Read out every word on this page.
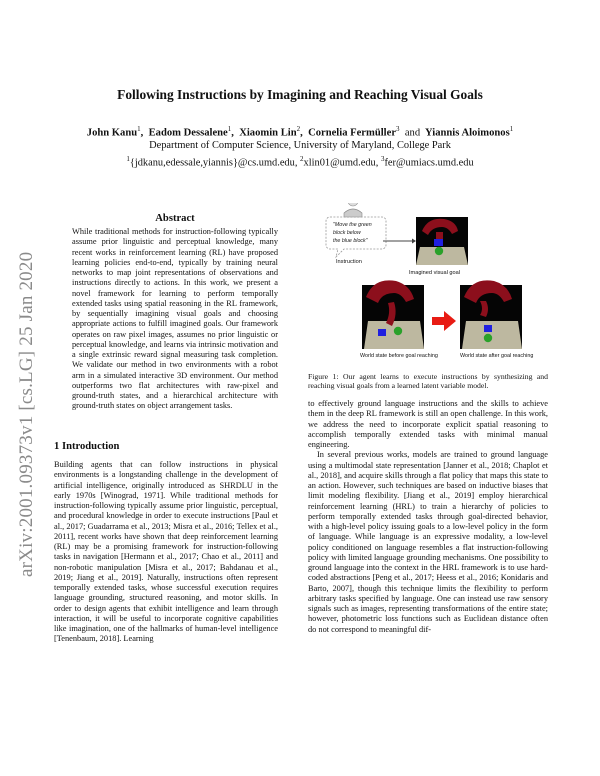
Following Instructions by Imagining and Reaching Visual Goals
John Kanu$^1$,  Eadom Dessalene$^1$,  Xiaomin Lin$^2$,  Cornelia Fermüller$^3$ and Yiannis Aloimonos$^1$
Department of Computer Science, University of Maryland, College Park
$^1${jdkanu,edessale,yiannis}@cs.umd.edu, $^2$xlin01@umd.edu, $^3$fer@umiacs.umd.edu
arXiv:2001.09373v1 [cs.LG] 25 Jan 2020
Abstract
While traditional methods for instruction-following typically assume prior linguistic and perceptual knowledge, many recent works in reinforcement learning (RL) have proposed learning policies end-to-end, typically by training neural networks to map joint representations of observations and instructions directly to actions. In this work, we present a novel framework for learning to perform temporally extended tasks using spatial reasoning in the RL framework, by sequentially imagining visual goals and choosing appropriate actions to fulfill imagined goals. Our framework operates on raw pixel images, assumes no prior linguistic or perceptual knowledge, and learns via intrinsic motivation and a single extrinsic reward signal measuring task completion. We validate our method in two environments with a robot arm in a simulated interactive 3D environment. Our method outperforms two flat architectures with raw-pixel and ground-truth states, and a hierarchical architecture with ground-truth states on object arrangement tasks.
1 Introduction
Building agents that can follow instructions in physical environments is a longstanding challenge in the development of artificial intelligence, originally introduced as SHRDLU in the early 1970s [Winograd, 1971]. While traditional methods for instruction-following typically assume prior linguistic, perceptual, and procedural knowledge in order to execute instructions [Paul et al., 2017; Guadarrama et al., 2013; Misra et al., 2016; Tellex et al., 2011], recent works have shown that deep reinforcement learning (RL) may be a promising framework for instruction-following tasks in navigation [Hermann et al., 2017; Chao et al., 2011] and non-robotic manipulation [Misra et al., 2017; Bahdanau et al., 2019; Jiang et al., 2019]. Naturally, instructions often represent temporally extended tasks, whose successful execution requires language grounding, structured reasoning, and motor skills. In order to design agents that exhibit intelligence and learn through interaction, it will be useful to incorporate cognitive capabilities like imagination, one of the hallmarks of human-level intelligence [Tenenbaum, 2018]. Learning
"Move the green
block below
the blue block"
Instruction
Imagined visual goal
World state before goal reaching	World state after goal reaching
Figure 1: Our agent learns to execute instructions by synthesizing and reaching visual goals from a learned latent variable model.
to effectively ground language instructions and the skills to achieve them in the deep RL framework is still an open challenge. In this work, we address the need to incorporate explicit spatial reasoning to accomplish temporally extended tasks with minimal manual engineering.
In several previous works, models are trained to ground language using a multimodal state representation [Janner et al., 2018; Chaplot et al., 2018], and acquire skills through a flat policy that maps this state to an action. However, such techniques are based on inductive biases that limit modeling flexibility. [Jiang et al., 2019] employ hierarchical reinforcement learning (HRL) to train a hierarchy of policies to perform temporally extended tasks through goal-directed behavior, with a high-level policy issuing goals to a low-level policy in the form of language. While language is an expressive modality, a low-level policy conditioned on language resembles a flat instruction-following policy with limited language grounding mechanisms. One possibility to ground language into the context in the HRL framework is to use hard-coded abstractions [Peng et al., 2017; Heess et al., 2016; Konidaris and Barto, 2007], though this technique limits the flexibility to perform arbitrary tasks specified by language. One can instead use raw sensory signals such as images, representing transformations of the entire state; however, photometric loss functions such as Euclidean distance often do not correspond to meaningful dif-
